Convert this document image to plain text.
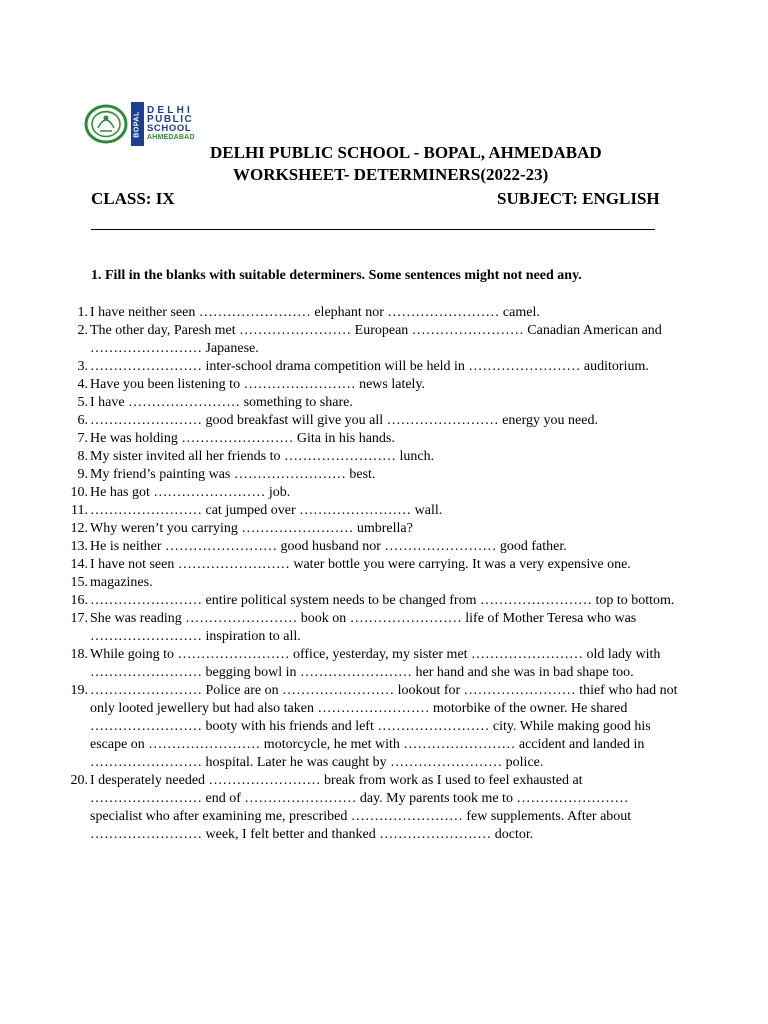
BOPAL
DELHI
PUBLIC
SCHOOL
AHMEDABAD
DELHI PUBLIC SCHOOL - BOPAL, AHMEDABAD
WORKSHEET- DETERMINERS(2022-23)
CLASS: IX	SUBJECT: ENGLISH
1. Fill in the blanks with suitable determiners. Some sentences might not need any.
1. I have neither seen …………………… elephant nor …………………… camel.
2. The other day, Paresh met …………………… European …………………… Canadian American and …………………… Japanese.
3. …………………… inter-school drama competition will be held in …………………… auditorium.
4. Have you been listening to …………………… news lately.
5. I have …………………… something to share.
6. …………………… good breakfast will give you all …………………… energy you need.
7. He was holding …………………… Gita in his hands.
8. My sister invited all her friends to …………………… lunch.
9. My friend’s painting was …………………… best.
10. He has got …………………… job.
11. …………………… cat jumped over …………………… wall.
12. Why weren’t you carrying …………………… umbrella?
13. He is neither …………………… good husband nor …………………… good father.
14. I have not seen …………………… water bottle you were carrying. It was a very expensive one.
15. magazines.
16. …………………… entire political system needs to be changed from …………………… top to bottom.
17. She was reading …………………… book on …………………… life of Mother Teresa who was …………………… inspiration to all.
18. While going to …………………… office, yesterday, my sister met …………………… old lady with …………………… begging bowl in …………………… her hand and she was in bad shape too.
19. …………………… Police are on …………………… lookout for …………………… thief who had not only looted jewellery but had also taken …………………… motorbike of the owner. He shared …………………… booty with his friends and left …………………… city. While making good his escape on …………………… motorcycle, he met with …………………… accident and landed in …………………… hospital. Later he was caught by …………………… police.
20. I desperately needed …………………… break from work as I used to feel exhausted at …………………… end of …………………… day. My parents took me to …………………… specialist who after examining me, prescribed …………………… few supplements. After about …………………… week, I felt better and thanked …………………… doctor.
